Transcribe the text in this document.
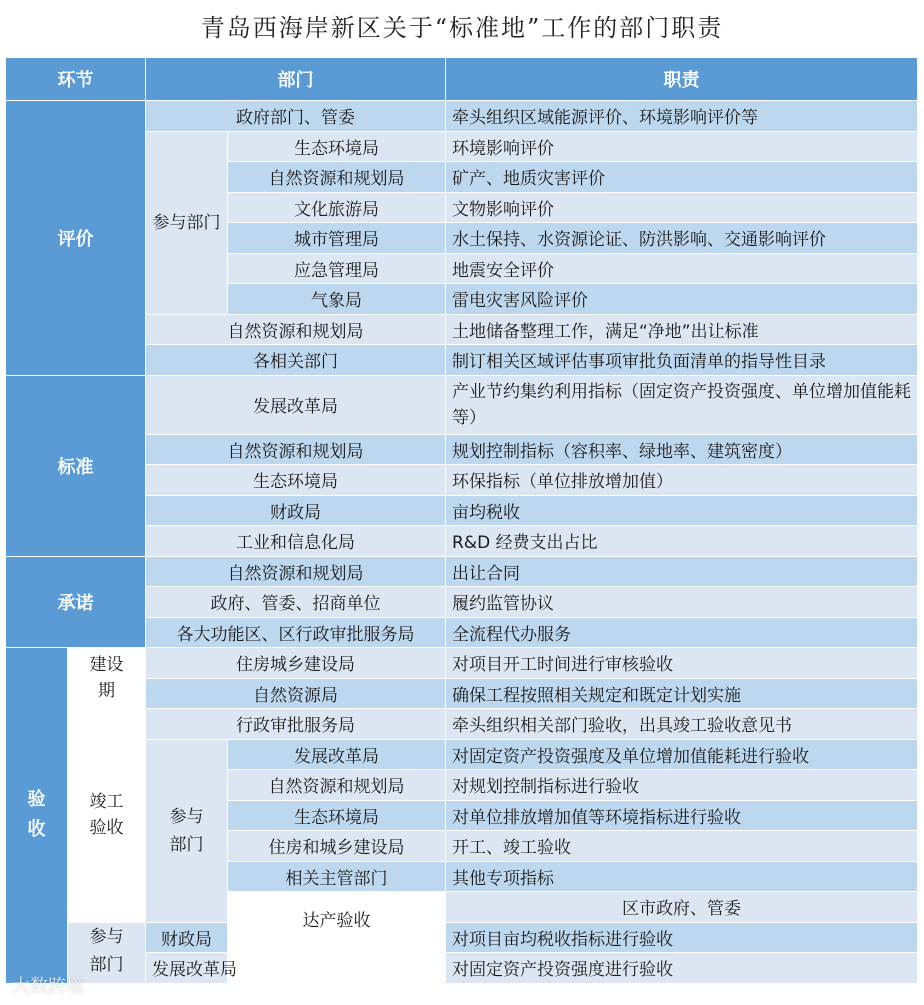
青岛西海岸新区关于“标准地”工作的部门职责
环节		部门		职责	
评价		政府部门、管委		牵头组织区域能源评价、环境影响评价等	
		参与部门	生态环境局	环境影响评价	
			自然资源和规划局	矿产、地质灾害评价	
			文化旅游局	文物影响评价	
			城市管理局	水土保持、水资源论证、防洪影响、交通影响评价	
			应急管理局	地震安全评价	
			气象局	雷电灾害风险评价	
		自然资源和规划局		土地储备整理工作，满足“净地”出让标准	
		各相关部门		制订相关区域评估事项审批负面清单的指导性目录	
标准		发展改革局		产业节约集约利用指标（固定资产投资强度、单位增加值能耗等）	
		自然资源和规划局		规划控制指标（容积率、绿地率、建筑密度）	
		生态环境局		环保指标（单位排放增加值）	
		财政局		亩均税收	
		工业和信息化局		R&D 经费支出占比	
承诺		自然资源和规划局		出让合同	
		政府、管委、招商单位		履约监管协议	
		各大功能区、区行政审批服务局		全流程代办服务	
验收	建设期	住房城乡建设局		对项目开工时间进行审核验收	
		自然资源局		确保工程按照相关规定和既定计划实施	
	竣工验收	行政审批服务局		牵头组织相关部门验收，出具竣工验收意见书	
		参与部门	发展改革局	对固定资产投资强度及单位增加值能耗进行验收	
			自然资源和规划局	对规划控制指标进行验收	
			生态环境局	对单位排放增加值等环境指标进行验收	
			住房和城乡建设局	开工、竣工验收	
			相关主管部门	其他专项指标	
			达产验收	区市政府、管委	
	参与部门	财政局		对项目亩均税收指标进行验收	
		发展改革局		对固定资产投资强度进行验收	
大数跨境
